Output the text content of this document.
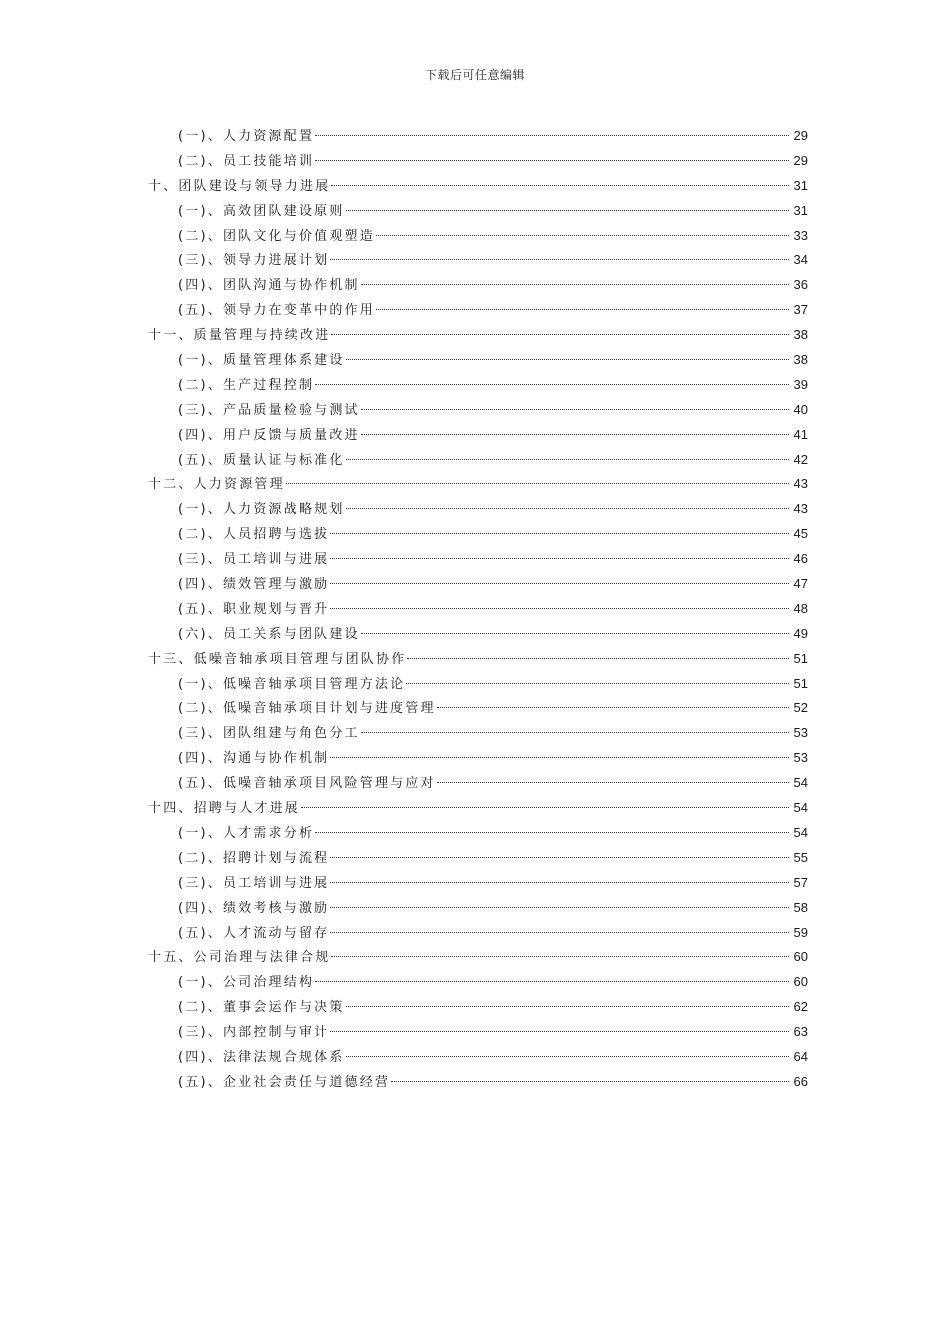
下载后可任意编辑
(一)、人力资源配置	29
(二)、员工技能培训	29
十、团队建设与领导力进展	31
(一)、高效团队建设原则	31
(二)、团队文化与价值观塑造	33
(三)、领导力进展计划	34
(四)、团队沟通与协作机制	36
(五)、领导力在变革中的作用	37
十一、质量管理与持续改进	38
(一)、质量管理体系建设	38
(二)、生产过程控制	39
(三)、产品质量检验与测试	40
(四)、用户反馈与质量改进	41
(五)、质量认证与标准化	42
十二、人力资源管理	43
(一)、人力资源战略规划	43
(二)、人员招聘与选拔	45
(三)、员工培训与进展	46
(四)、绩效管理与激励	47
(五)、职业规划与晋升	48
(六)、员工关系与团队建设	49
十三、低噪音轴承项目管理与团队协作	51
(一)、低噪音轴承项目管理方法论	51
(二)、低噪音轴承项目计划与进度管理	52
(三)、团队组建与角色分工	53
(四)、沟通与协作机制	53
(五)、低噪音轴承项目风险管理与应对	54
十四、招聘与人才进展	54
(一)、人才需求分析	54
(二)、招聘计划与流程	55
(三)、员工培训与进展	57
(四)、绩效考核与激励	58
(五)、人才流动与留存	59
十五、公司治理与法律合规	60
(一)、公司治理结构	60
(二)、董事会运作与决策	62
(三)、内部控制与审计	63
(四)、法律法规合规体系	64
(五)、企业社会责任与道德经营	66
